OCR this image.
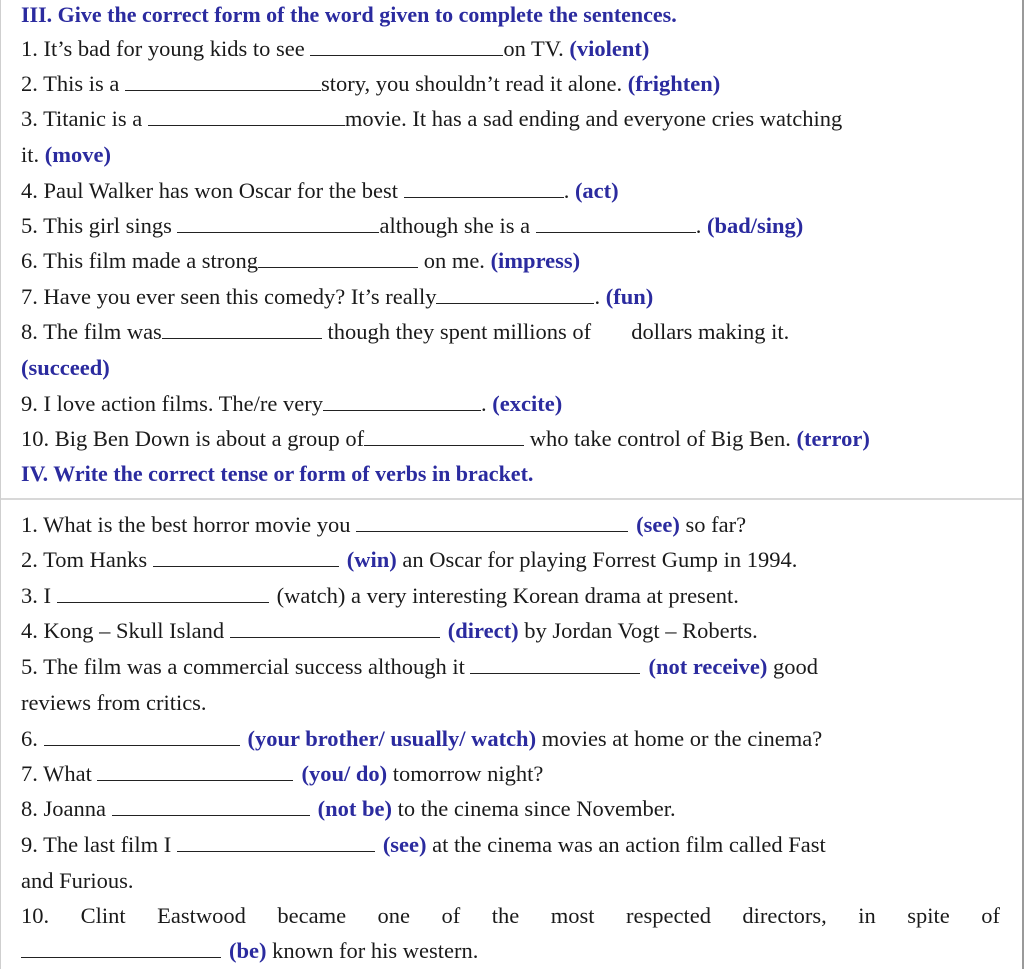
III. Give the correct form of the word given to complete the sentences.
1. It’s bad for young kids to see	on TV. (violent)
2. This is a	story, you shouldn’t read it alone. (frighten)
3. Titanic is a	movie. It has a sad ending and everyone cries watching
it. (move)
4. Paul Walker has won Oscar for the best	. (act)
5. This girl sings	although she is a	. (bad/sing)
6. This film made a strong	on me. (impress)
7. Have you ever seen this comedy? It’s really	. (fun)
8. The film was	though they spent millions of dollars making it.
(succeed)
9. I love action films. The/re very	. (excite)
10. Big Ben Down is about a group of	who take control of Big Ben. (terror)
IV. Write the correct tense or form of verbs in bracket.
1. What is the best horror movie you	(see) so far?
2. Tom Hanks	(win) an Oscar for playing Forrest Gump in 1994.
3. I	(watch) a very interesting Korean drama at present.
4. Kong – Skull Island	(direct) by Jordan Vogt – Roberts.
5. The film was a commercial success although it	(not receive) good
reviews from critics.
6.	(your brother/ usually/ watch) movies at home or the cinema?
7. What	(you/ do) tomorrow night?
8. Joanna	(not be) to the cinema since November.
9. The last film I	(see) at the cinema was an action film called Fast
and Furious.
10. Clint Eastwood became one of the most respected directors, in spite of
(be) known for his western.
